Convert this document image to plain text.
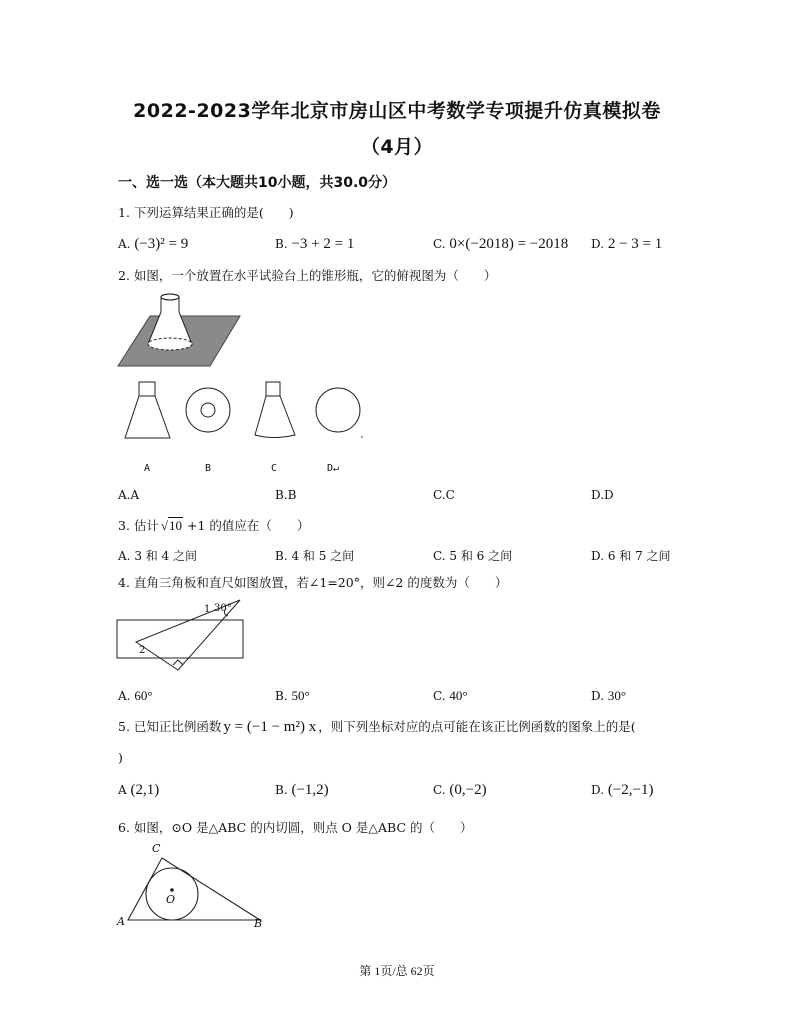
2022-2023学年北京市房山区中考数学专项提升仿真模拟卷
（4月）
一、选一选（本大题共10小题，共30.0分）
1. 下列运算结果正确的是(　　)
A. (−3)² = 9	B. −3 + 2 = 1	C. 0×(−2018) = −2018 D. 2 − 3 = 1
2. 如图，一个放置在水平试验台上的锥形瓶，它的俯视图为（　　）
A	B	C	D↵
A.A	B.B	C.C	D.D
3. 估计 √10 +1 的值应在（　　）
A. 3 和 4 之间	B. 4 和 5 之间	C. 5 和 6 之间	D. 6 和 7 之间
4. 直角三角板和直尺如图放置，若∠1=20°，则∠2 的度数为（　　）
1 30°
2
A. 60°	B. 50°	C. 40°	D. 30°
5. 已知正比例函数 y = (−1 − m²) x ，则下列坐标对应的点可能在该正比例函数的图象上的是(
)
A (2,1)	B. (−1,2)	C. (0,−2)	D. (−2,−1)
6. 如图，⊙O 是△ABC 的内切圆，则点 O 是△ABC 的（　　）
C
A	B
O
第 1页/总 62页
